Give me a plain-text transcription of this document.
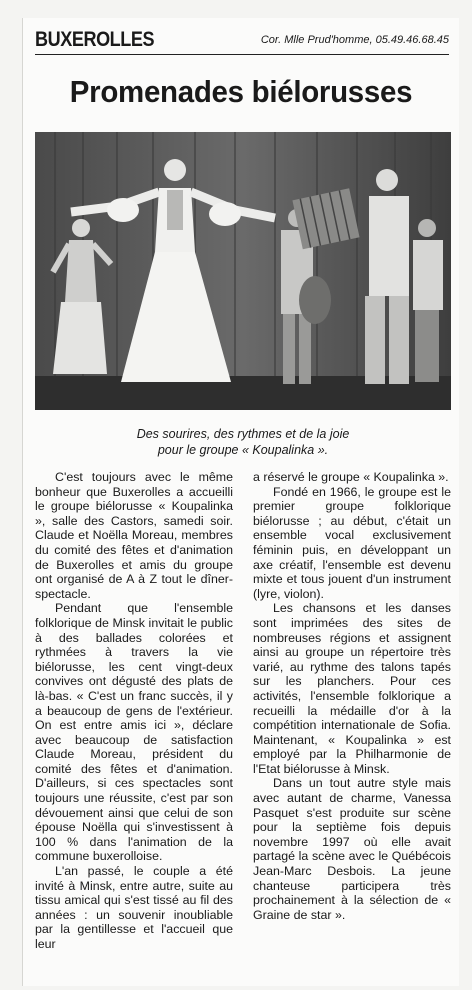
BUXEROLLES	Cor. Mlle Prud'homme, 05.49.46.68.45
Promenades biélorusses
Des sourires, des rythmes et de la joie
pour le groupe « Koupalinka ».

C'est toujours avec le même bonheur que Buxerolles a accueilli le groupe biélorusse « Koupalinka », salle des Castors, samedi soir. Claude et Noëlla Moreau, membres du comité des fêtes et d'animation de Buxerolles et amis du groupe ont organisé de A à Z tout le dîner-spectacle.

Pendant que l'ensemble folklorique de Minsk invitait le public à des ballades colorées et rythmées à travers la vie biélorusse, les cent vingt-deux convives ont dégusté des plats de là-bas. « C'est un franc succès, il y a beaucoup de gens de l'extérieur. On est entre amis ici », déclare avec beaucoup de satisfaction Claude Moreau, président du comité des fêtes et d'animation. D'ailleurs, si ces spectacles sont toujours une réussite, c'est par son dévouement ainsi que celui de son épouse Noëlla qui s'investissent à 100 % dans l'animation de la commune buxerolloise.

L'an passé, le couple a été invité à Minsk, entre autre, suite au tissu amical qui s'est tissé au fil des années : un souvenir inoubliable par la gentillesse et l'accueil que leur

a réservé le groupe « Koupalinka ».

Fondé en 1966, le groupe est le premier groupe folklorique biélorusse ; au début, c'était un ensemble vocal exclusivement féminin puis, en développant un axe créatif, l'ensemble est devenu mixte et tous jouent d'un instrument (lyre, violon).

Les chansons et les danses sont imprimées des sites de nombreuses régions et assignent ainsi au groupe un répertoire très varié, au rythme des talons tapés sur les planchers. Pour ces activités, l'ensemble folklorique a recueilli la médaille d'or à la compétition internationale de Sofia. Maintenant, « Koupalinka » est employé par la Philharmonie de l'Etat biélorusse à Minsk.

Dans un tout autre style mais avec autant de charme, Vanessa Pasquet s'est produite sur scène pour la septième fois depuis novembre 1997 où elle avait partagé la scène avec le Québécois Jean-Marc Desbois. La jeune chanteuse participera très prochainement à la sélection de « Graine de star ».
